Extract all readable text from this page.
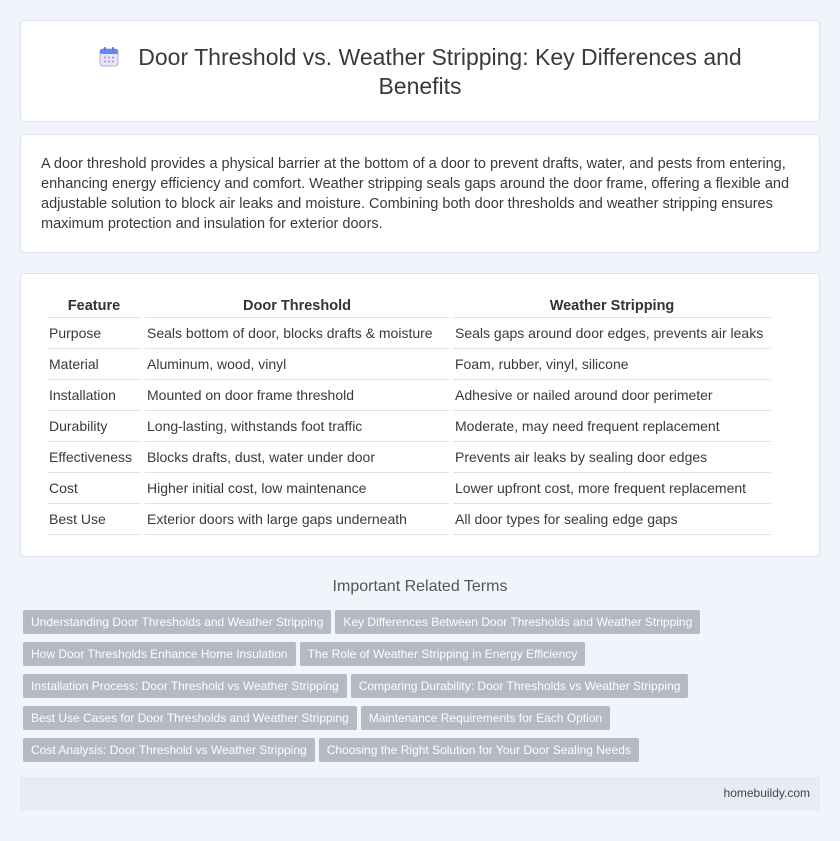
Door Threshold vs. Weather Stripping: Key Differences and Benefits

A door threshold provides a physical barrier at the bottom of a door to prevent drafts, water, and pests from entering, enhancing energy efficiency and comfort. Weather stripping seals gaps around the door frame, offering a flexible and adjustable solution to block air leaks and moisture. Combining both door thresholds and weather stripping ensures maximum protection and insulation for exterior doors.

Feature	Door Threshold	Weather Stripping
Purpose	Seals bottom of door, blocks drafts & moisture	Seals gaps around door edges, prevents air leaks
Material	Aluminum, wood, vinyl	Foam, rubber, vinyl, silicone
Installation	Mounted on door frame threshold	Adhesive or nailed around door perimeter
Durability	Long-lasting, withstands foot traffic	Moderate, may need frequent replacement
Effectiveness	Blocks drafts, dust, water under door	Prevents air leaks by sealing door edges
Cost	Higher initial cost, low maintenance	Lower upfront cost, more frequent replacement
Best Use	Exterior doors with large gaps underneath	All door types for sealing edge gaps
Important Related Terms
Understanding Door Thresholds and Weather Stripping Key Differences Between Door Thresholds and Weather Stripping
How Door Thresholds Enhance Home Insulation The Role of Weather Stripping in Energy Efficiency
Installation Process: Door Threshold vs Weather Stripping Comparing Durability: Door Thresholds vs Weather Stripping
Best Use Cases for Door Thresholds and Weather Stripping Maintenance Requirements for Each Option
Cost Analysis: Door Threshold vs Weather Stripping Choosing the Right Solution for Your Door Sealing Needs
homebuildy.com
